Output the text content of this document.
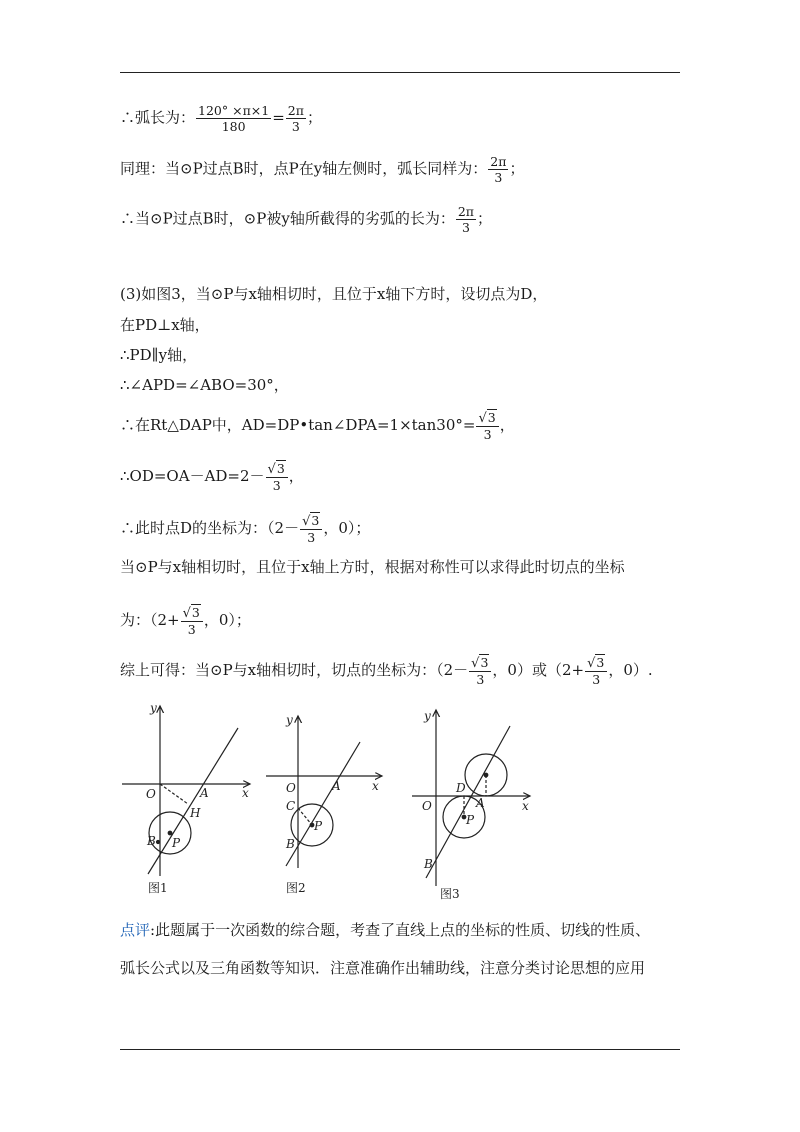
∴弧长为： $\frac{120^\circ \times\pi\times 1}{180} = \frac{2\pi}{3}$ ；
同理：当⊙P过点B时，点P在y轴左侧时，弧长同样为： $\frac{2\pi}{3}$ ；
∴当⊙P过点B时，⊙P被y轴所截得的劣弧的长为： $\frac{2\pi}{3}$ ；
(3)如图3，当⊙P与x轴相切时，且位于x轴下方时，设切点为D，
在PD⊥x轴，
∴PD∥y轴，
∴∠APD=∠ABO=30°，
∴在Rt△DAP中，AD=DP•tan∠DPA=1×tan30°= $\frac{√3}{3}$ ，
∴OD=OA－AD=2－ $\frac{√3}{3}$ ，
∴此时点D的坐标为：（$2- \frac{√3}{3}$ ，0）；
当⊙P与x轴相切时，且位于x轴上方时，根据对称性可以求得此时切点的坐标
为：（$2+ \frac{√3}{3}$ ，0）；
综上可得：当⊙P与x轴相切时，切点的坐标为：（$2- \frac{√3}{3}$ ，0）或（$2+ \frac{√3}{3}$ ，0）.
y
x
O	A
H
B P
图1
y
x
O	A
C
B
P
图2
y
x
O
D
A
B
P
图3
点评:此题属于一次函数的综合题，考查了直线上点的坐标的性质、切线的性质、
弧长公式以及三角函数等知识．注意准确作出辅助线，注意分类讨论思想的应用
